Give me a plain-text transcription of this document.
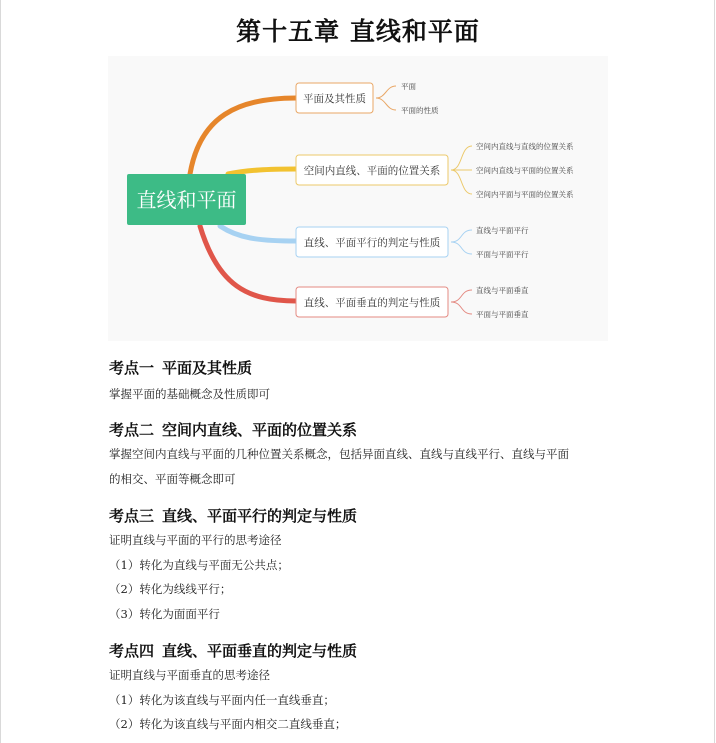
第十五章 直线和平面
直线和平面
平面及其性质
平面
平面的性质
空间内直线、平面的位置关系
空间内直线与直线的位置关系
空间内直线与平面的位置关系
空间内平面与平面的位置关系
直线、平面平行的判定与性质
直线与平面平行
平面与平面平行
直线、平面垂直的判定与性质
直线与平面垂直
平面与平面垂直
考点一 平面及其性质

掌握平面的基础概念及性质即可

考点二 空间内直线、平面的位置关系

掌握空间内直线与平面的几种位置关系概念，包括异面直线、直线与直线平行、直线与平面

的相交、平面等概念即可

考点三 直线、平面平行的判定与性质

证明直线与平面的平行的思考途径

（1）转化为直线与平面无公共点；

（2）转化为线线平行；

（3）转化为面面平行

考点四 直线、平面垂直的判定与性质

证明直线与平面垂直的思考途径

（1）转化为该直线与平面内任一直线垂直；

（2）转化为该直线与平面内相交二直线垂直；
